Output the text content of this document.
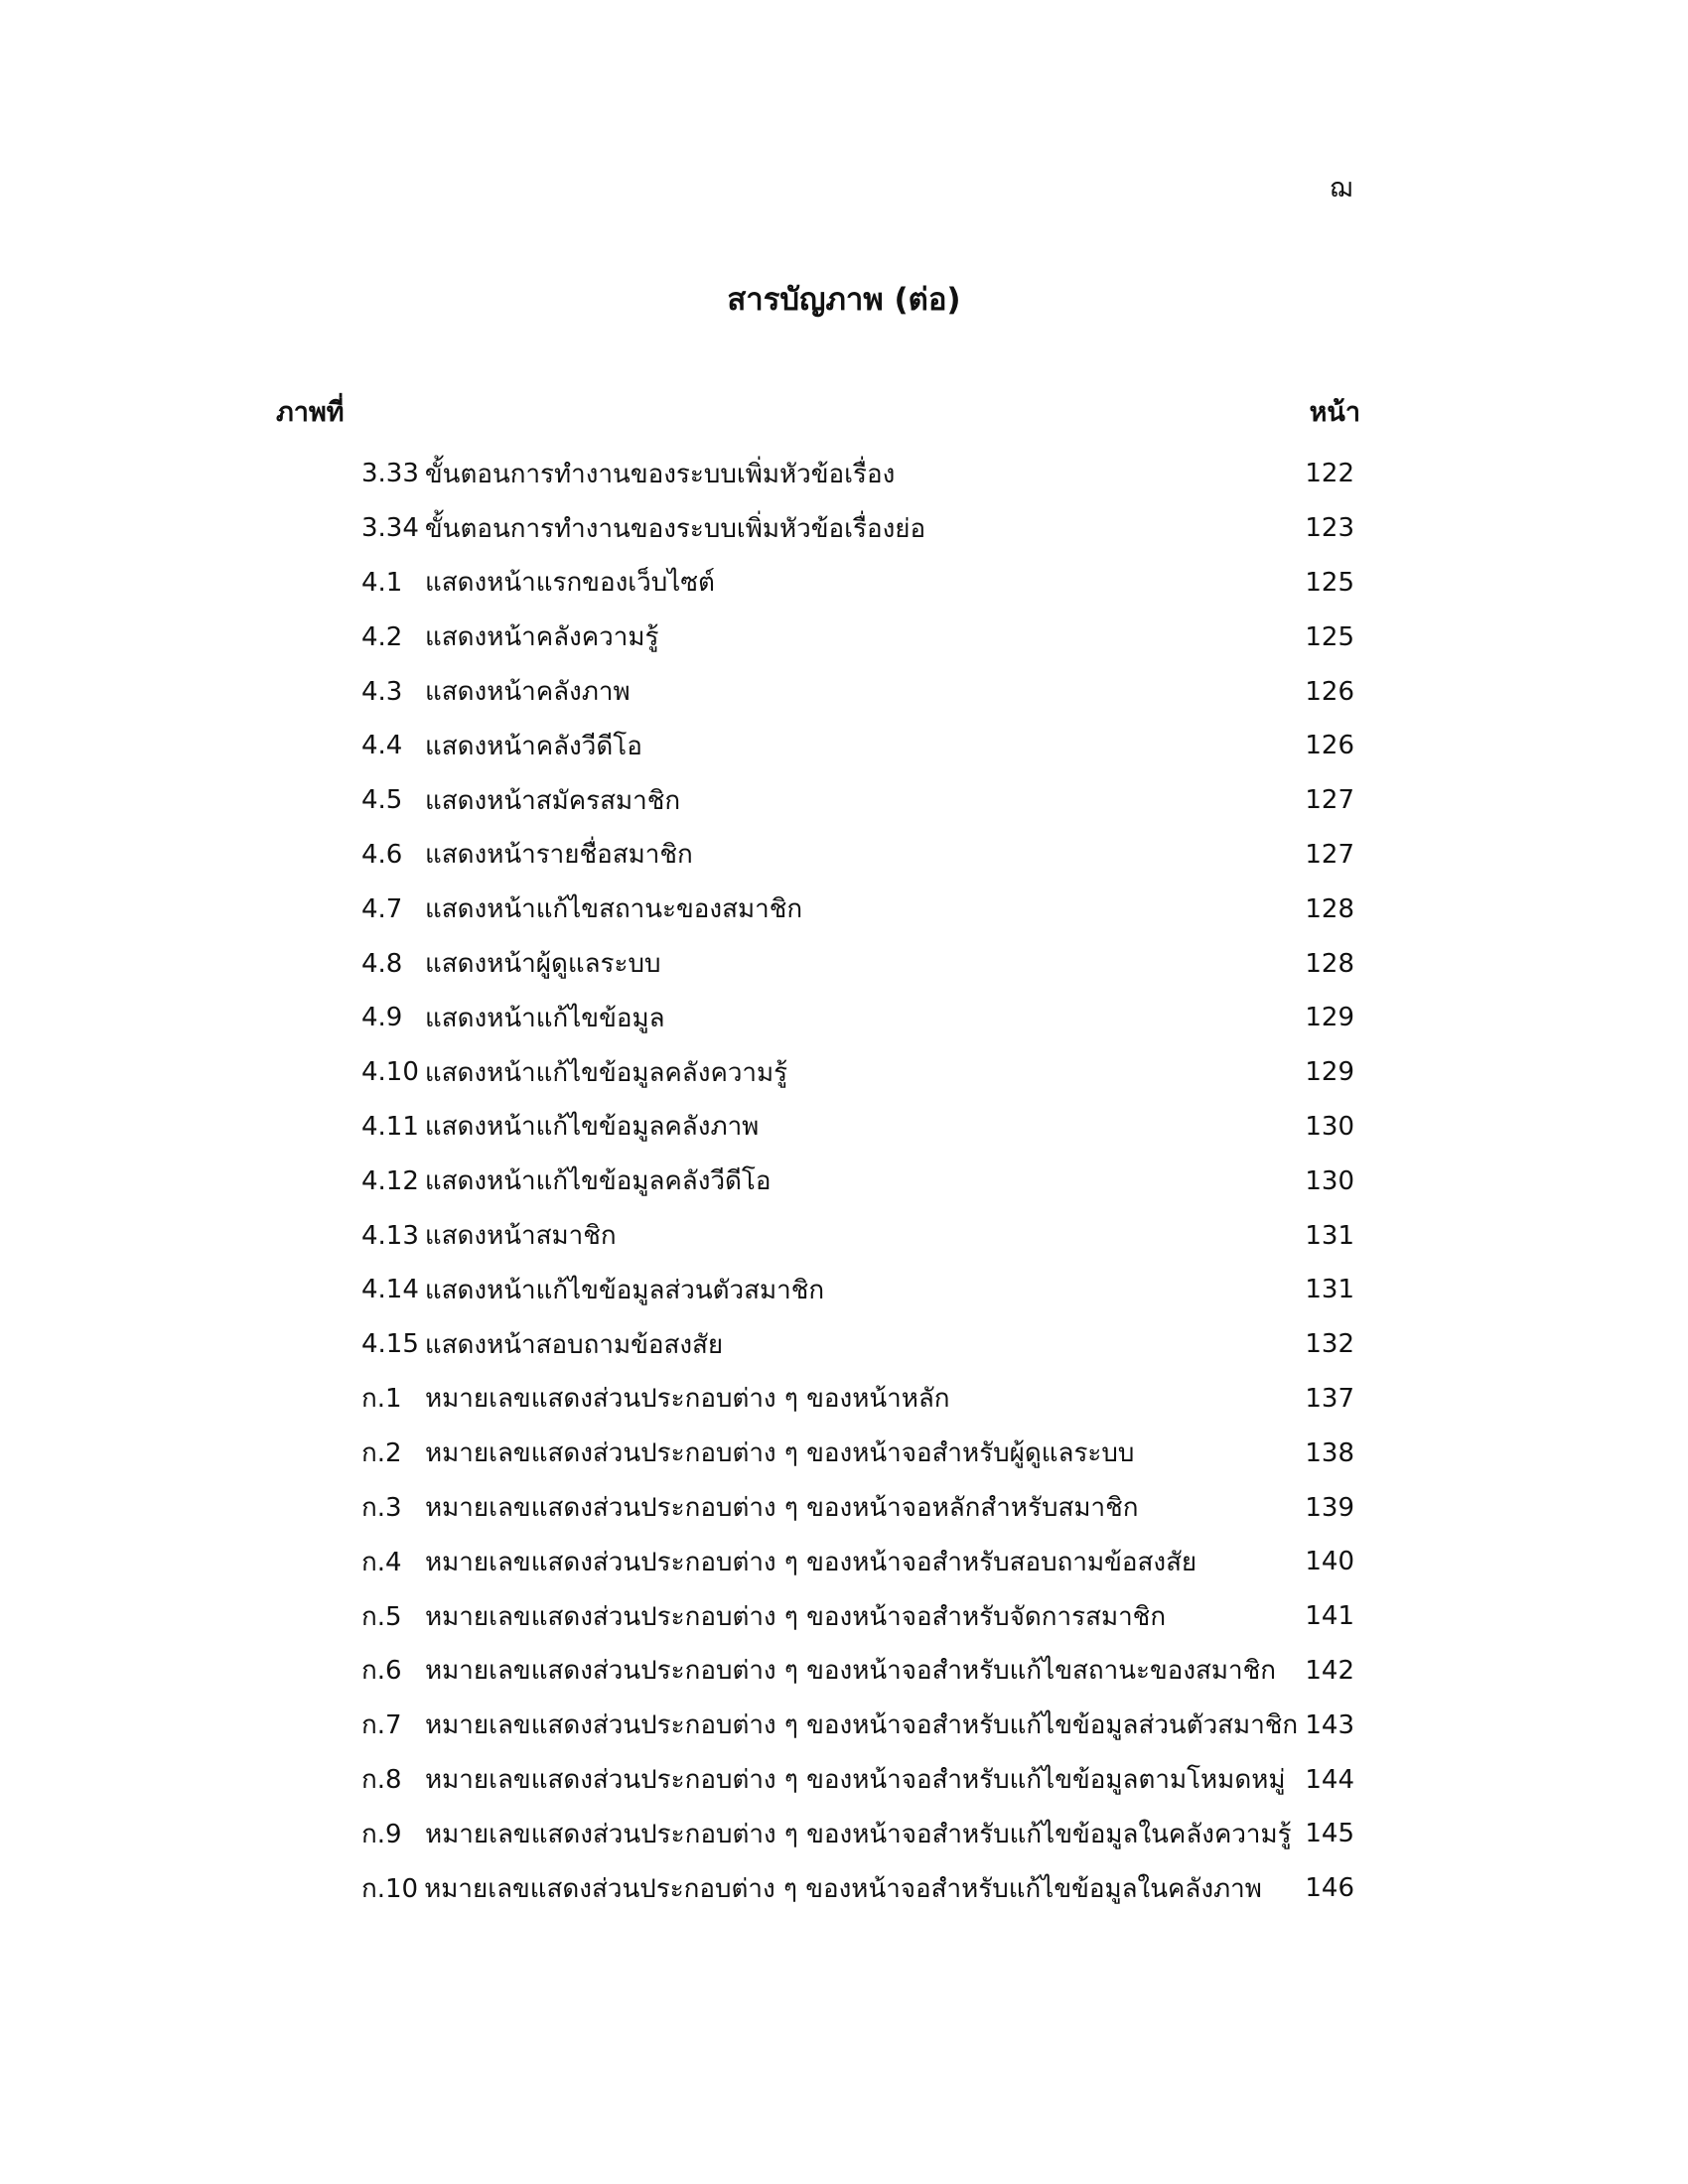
ฌ
สารบัญภาพ (ต่อ)
ภาพที่	หน้า
3.33 ขั้นตอนการทำงานของระบบเพิ่มหัวข้อเรื่อง	122
3.34 ขั้นตอนการทำงานของระบบเพิ่มหัวข้อเรื่องย่อ	123
4.1 แสดงหน้าแรกของเว็บไซต์	125
4.2 แสดงหน้าคลังความรู้	125
4.3 แสดงหน้าคลังภาพ	126
4.4 แสดงหน้าคลังวีดีโอ	126
4.5 แสดงหน้าสมัครสมาชิก	127
4.6 แสดงหน้ารายชื่อสมาชิก	127
4.7 แสดงหน้าแก้ไขสถานะของสมาชิก	128
4.8 แสดงหน้าผู้ดูแลระบบ	128
4.9 แสดงหน้าแก้ไขข้อมูล	129
4.10 แสดงหน้าแก้ไขข้อมูลคลังความรู้	129
4.11 แสดงหน้าแก้ไขข้อมูลคลังภาพ	130
4.12 แสดงหน้าแก้ไขข้อมูลคลังวีดีโอ	130
4.13 แสดงหน้าสมาชิก	131
4.14 แสดงหน้าแก้ไขข้อมูลส่วนตัวสมาชิก	131
4.15 แสดงหน้าสอบถามข้อสงสัย	132
ก.1 หมายเลขแสดงส่วนประกอบต่าง ๆ ของหน้าหลัก	137
ก.2 หมายเลขแสดงส่วนประกอบต่าง ๆ ของหน้าจอสำหรับผู้ดูแลระบบ	138
ก.3 หมายเลขแสดงส่วนประกอบต่าง ๆ ของหน้าจอหลักสำหรับสมาชิก	139
ก.4 หมายเลขแสดงส่วนประกอบต่าง ๆ ของหน้าจอสำหรับสอบถามข้อสงสัย	140
ก.5 หมายเลขแสดงส่วนประกอบต่าง ๆ ของหน้าจอสำหรับจัดการสมาชิก	141
ก.6 หมายเลขแสดงส่วนประกอบต่าง ๆ ของหน้าจอสำหรับแก้ไขสถานะของสมาชิก	142
ก.7 หมายเลขแสดงส่วนประกอบต่าง ๆ ของหน้าจอสำหรับแก้ไขข้อมูลส่วนตัวสมาชิก 143
ก.8 หมายเลขแสดงส่วนประกอบต่าง ๆ ของหน้าจอสำหรับแก้ไขข้อมูลตามโหมดหมู่ 144
ก.9 หมายเลขแสดงส่วนประกอบต่าง ๆ ของหน้าจอสำหรับแก้ไขข้อมูลในคลังความรู้ 145
ก.10 หมายเลขแสดงส่วนประกอบต่าง ๆ ของหน้าจอสำหรับแก้ไขข้อมูลในคลังภาพ	146
